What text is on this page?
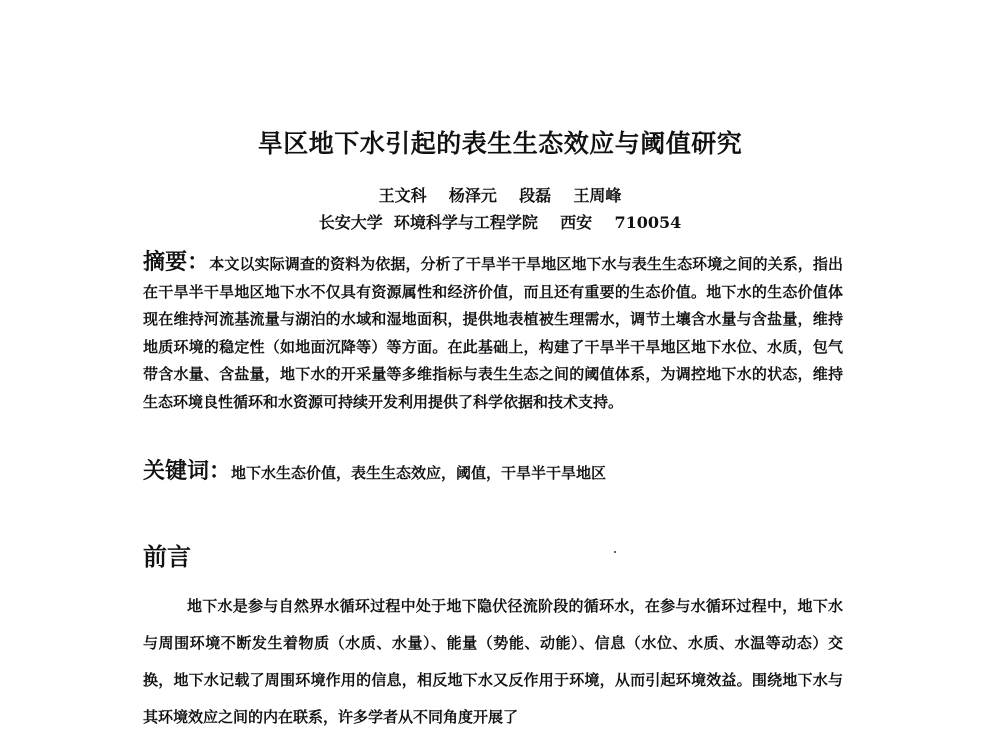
旱区地下水引起的表生生态效应与阈值研究
王文科    杨泽元    段磊    王周峰
长安大学  环境科学与工程学院    西安    710054
摘要：本文以实际调查的资料为依据，分析了干旱半干旱地区地下水与表生生态环境之间的关系，指出在干旱半干旱地区地下水不仅具有资源属性和经济价值，而且还有重要的生态价值。地下水的生态价值体现在维持河流基流量与湖泊的水域和湿地面积，提供地表植被生理需水，调节土壤含水量与含盐量，维持地质环境的稳定性（如地面沉降等）等方面。在此基础上，构建了干旱半干旱地区地下水位、水质，包气带含水量、含盐量，地下水的开采量等多维指标与表生生态之间的阈值体系，为调控地下水的状态，维持生态环境良性循环和水资源可持续开发利用提供了科学依据和技术支持。
关键词：地下水生态价值，表生生态效应，阈值，干旱半干旱地区
前言
地下水是参与自然界水循环过程中处于地下隐伏径流阶段的循环水，在参与水循环过程中，地下水与周围环境不断发生着物质（水质、水量）、能量（势能、动能）、信息（水位、水质、水温等动态）交换，地下水记载了周围环境作用的信息，相反地下水又反作用于环境，从而引起环境效益。围绕地下水与其环境效应之间的内在联系，许多学者从不同角度开展了
